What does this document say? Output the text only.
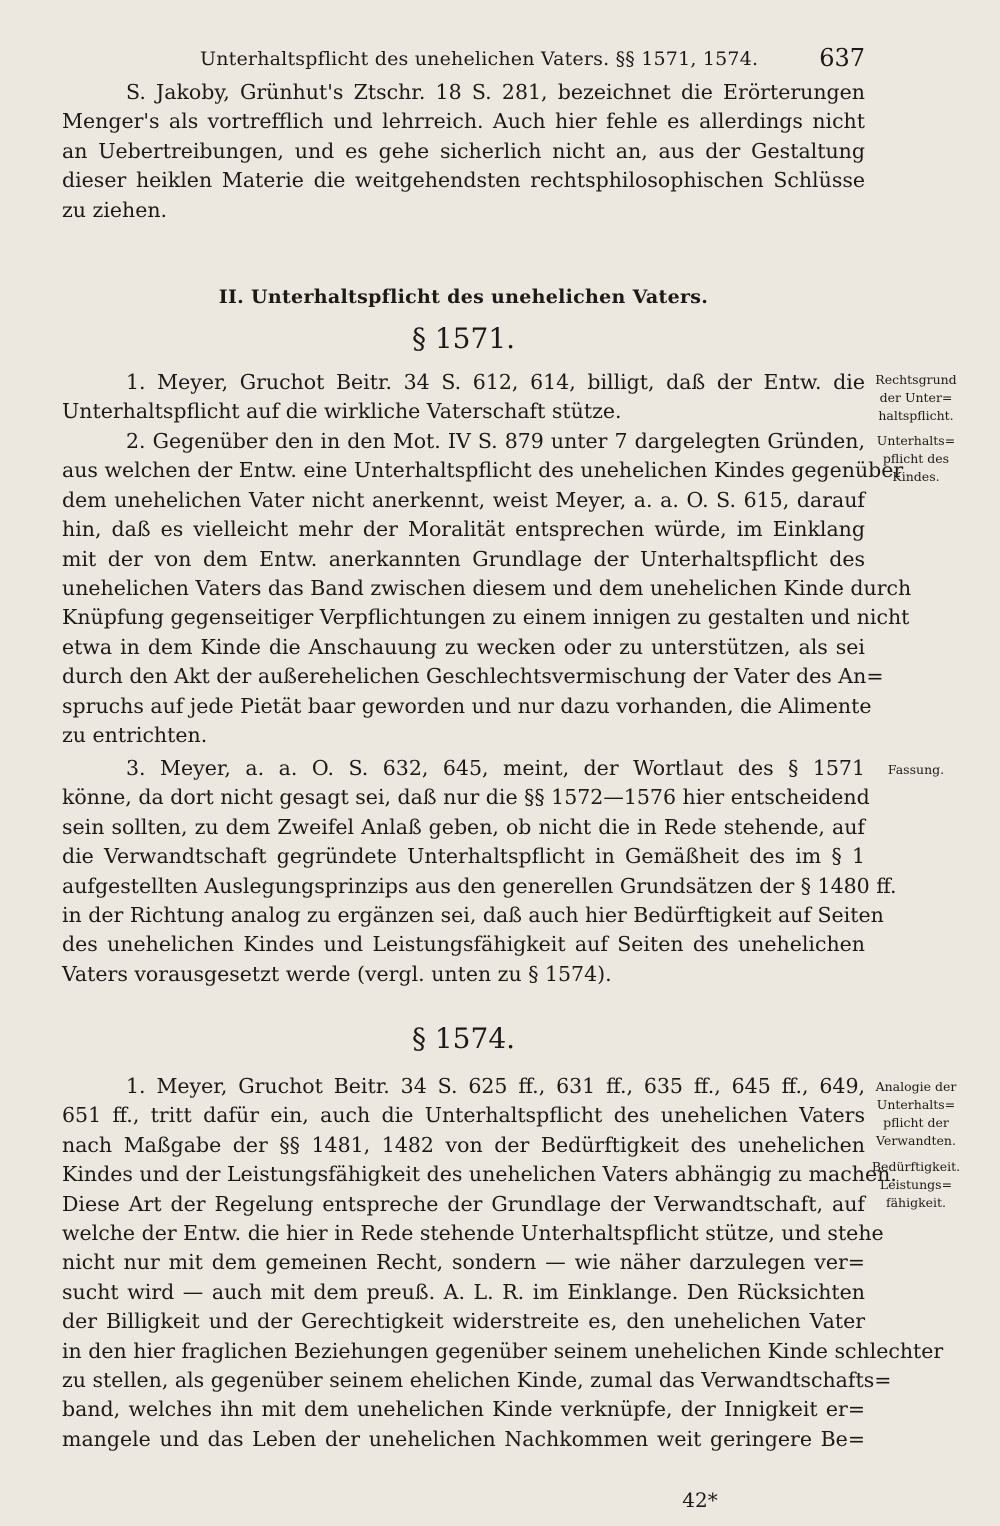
Unterhaltspflicht des unehelichen Vaters. §§ 1571, 1574.	637
S. Jakoby, Grünhut's Ztschr. 18 S. 281, bezeichnet die Erörterungen
Menger's als vortrefflich und lehrreich. Auch hier fehle es allerdings nicht
an Uebertreibungen, und es gehe sicherlich nicht an, aus der Gestaltung
dieser heiklen Materie die weitgehendsten rechtsphilosophischen Schlüsse
zu ziehen.
II. Unterhaltspflicht des unehelichen Vaters.
§ 1571.
1. Meyer, Gruchot Beitr. 34 S. 612, 614, billigt, daß der Entw. die
Unterhaltspflicht auf die wirkliche Vaterschaft stütze.
2. Gegenüber den in den Mot. IV S. 879 unter 7 dargelegten Gründen,
aus welchen der Entw. eine Unterhaltspflicht des unehelichen Kindes gegenüber
dem unehelichen Vater nicht anerkennt, weist Meyer, a. a. O. S. 615, darauf
hin, daß es vielleicht mehr der Moralität entsprechen würde, im Einklang
mit der von dem Entw. anerkannten Grundlage der Unterhaltspflicht des
unehelichen Vaters das Band zwischen diesem und dem unehelichen Kinde durch
Knüpfung gegenseitiger Verpflichtungen zu einem innigen zu gestalten und nicht
etwa in dem Kinde die Anschauung zu wecken oder zu unterstützen, als sei
durch den Akt der außerehelichen Geschlechtsvermischung der Vater des An=
spruchs auf jede Pietät baar geworden und nur dazu vorhanden, die Alimente
zu entrichten.
3. Meyer, a. a. O. S. 632, 645, meint, der Wortlaut des § 1571
könne, da dort nicht gesagt sei, daß nur die §§ 1572—1576 hier entscheidend
sein sollten, zu dem Zweifel Anlaß geben, ob nicht die in Rede stehende, auf
die Verwandtschaft gegründete Unterhaltspflicht in Gemäßheit des im § 1
aufgestellten Auslegungsprinzips aus den generellen Grundsätzen der § 1480 ff.
in der Richtung analog zu ergänzen sei, daß auch hier Bedürftigkeit auf Seiten
des unehelichen Kindes und Leistungsfähigkeit auf Seiten des unehelichen
Vaters vorausgesetzt werde (vergl. unten zu § 1574).
§ 1574.
1. Meyer, Gruchot Beitr. 34 S. 625 ff., 631 ff., 635 ff., 645 ff., 649,
651 ff., tritt dafür ein, auch die Unterhaltspflicht des unehelichen Vaters
nach Maßgabe der §§ 1481, 1482 von der Bedürftigkeit des unehelichen
Kindes und der Leistungsfähigkeit des unehelichen Vaters abhängig zu machen.
Diese Art der Regelung entspreche der Grundlage der Verwandtschaft, auf
welche der Entw. die hier in Rede stehende Unterhaltspflicht stütze, und stehe
nicht nur mit dem gemeinen Recht, sondern — wie näher darzulegen ver=
sucht wird — auch mit dem preuß. A. L. R. im Einklange. Den Rücksichten
der Billigkeit und der Gerechtigkeit widerstreite es, den unehelichen Vater
in den hier fraglichen Beziehungen gegenüber seinem unehelichen Kinde schlechter
zu stellen, als gegenüber seinem ehelichen Kinde, zumal das Verwandtschafts=
band, welches ihn mit dem unehelichen Kinde verknüpfe, der Innigkeit er=
mangele und das Leben der unehelichen Nachkommen weit geringere Be=
Rechtsgrund
der Unter=
haltspflicht.
Unterhalts=
pflicht des
Kindes.
Fassung.
Analogie der
Unterhalts=
pflicht der
Verwandten.
Bedürftigkeit.
Leistungs=
fähigkeit.
42*
